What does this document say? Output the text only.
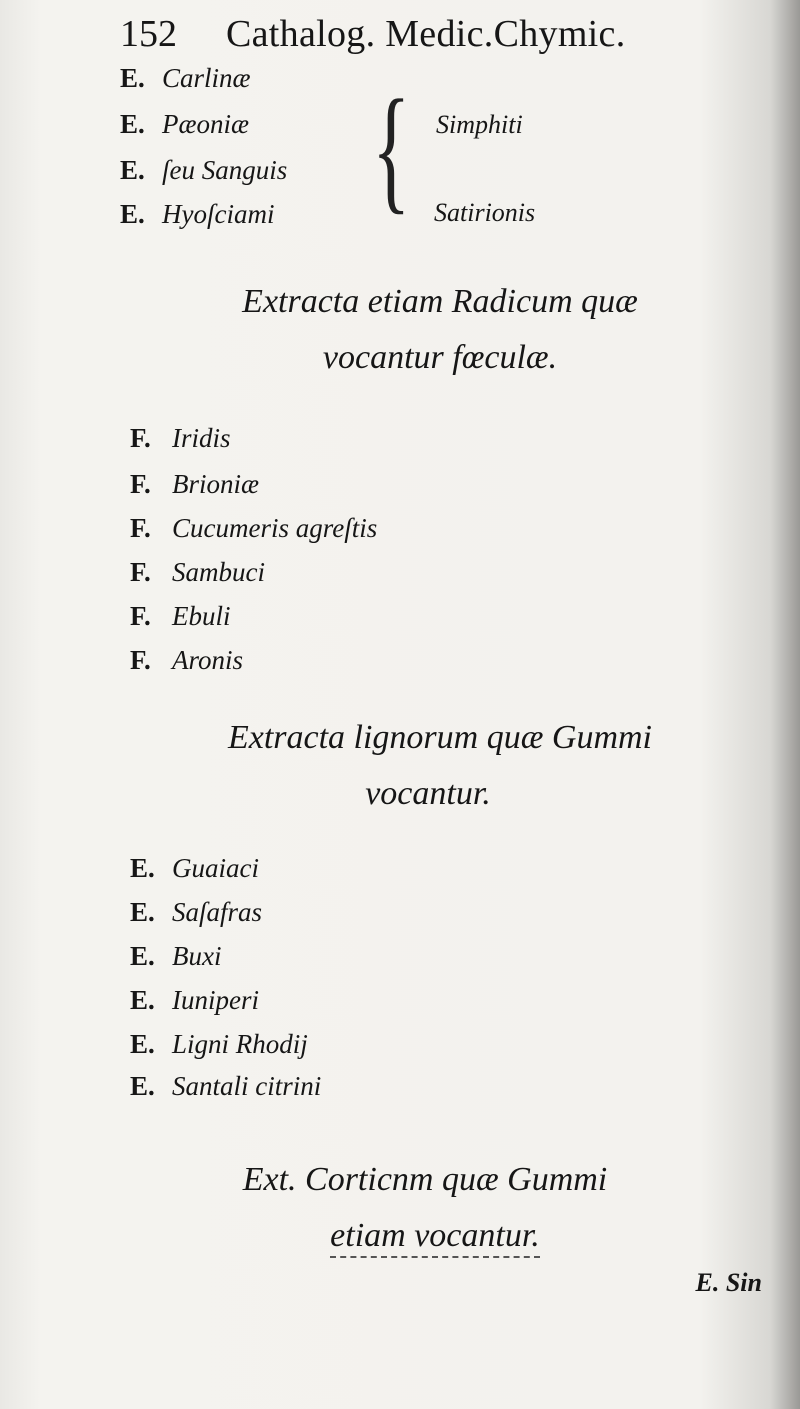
152 Cathalog. Medic.Chymic.
E. Carlinæ
E. Pæoniæ
E. ſeu Sanguis
E. Hyoſciami { Simphiti
Satirionis
Extracta etiam Radicum quæ
vocantur fœculæ.
F. Iridis
F. Brioniæ
F. Cucumeris agreſtis
F. Sambuci
F. Ebuli
F. Aronis
Extracta lignorum quæ Gummi
vocantur.
E. Guaiaci
E. Saſafras
E. Buxi
E. Iuniperi
E. Ligni Rhodij
E. Santali citrini
Ext. Corticnm quæ Gummi
etiam vocantur.
E. Sin
